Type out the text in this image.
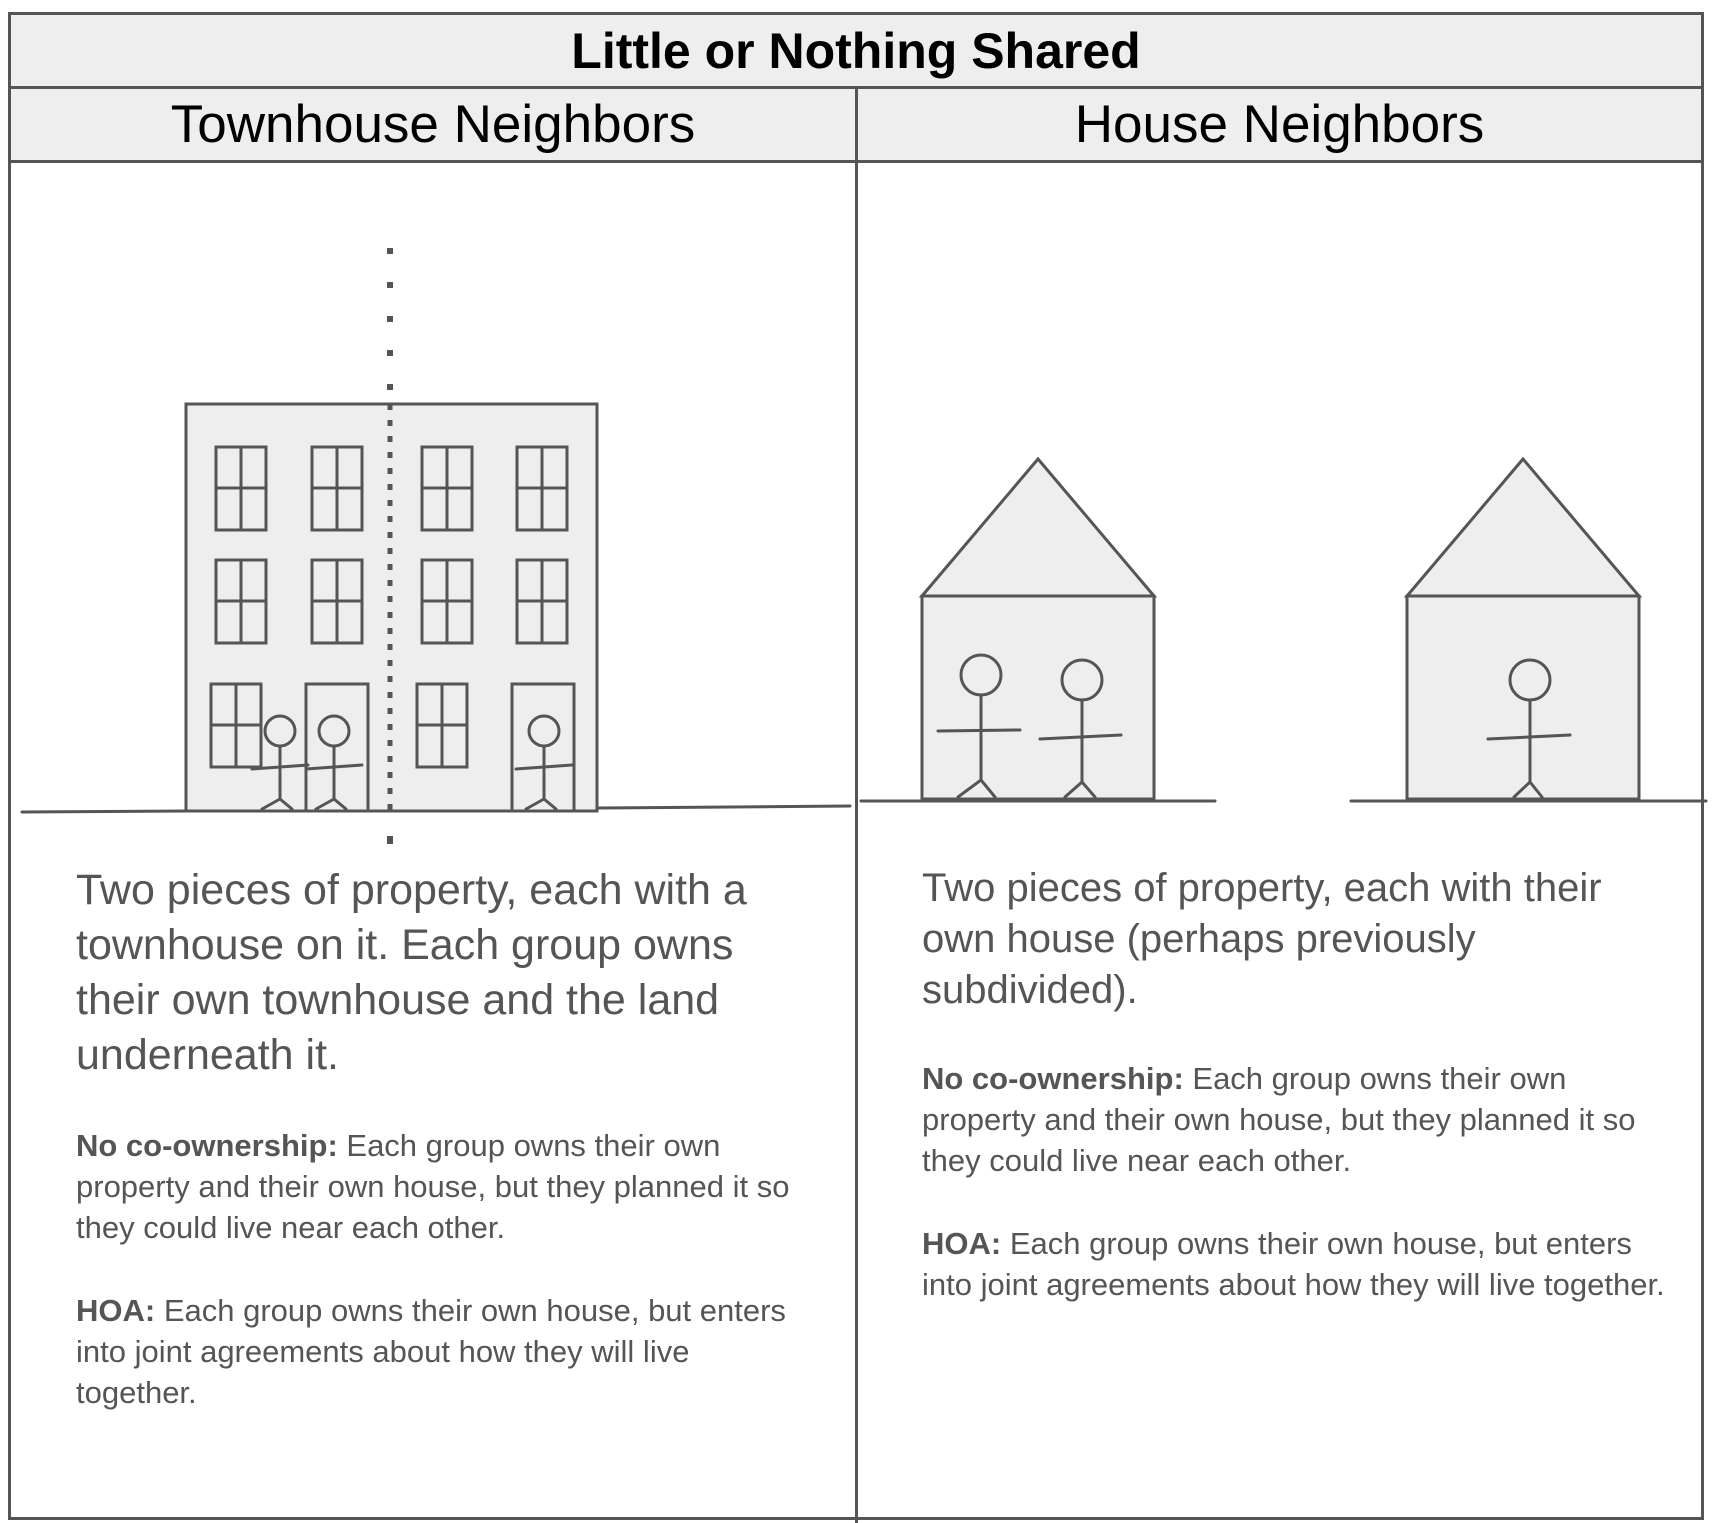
Little or Nothing Shared
Townhouse Neighbors	House Neighbors

Two pieces of property, each with a townhouse on it. Each group owns their own townhouse and the land underneath it.

No co-ownership: Each group owns their own property and their own house, but they planned it so they could live near each other.

HOA: Each group owns their own house, but enters into joint agreements about how they will live together.

Two pieces of property, each with their own house (perhaps previously subdivided).

No co-ownership: Each group owns their own property and their own house, but they planned it so they could live near each other.

HOA: Each group owns their own house, but enters into joint agreements about how they will live together.
